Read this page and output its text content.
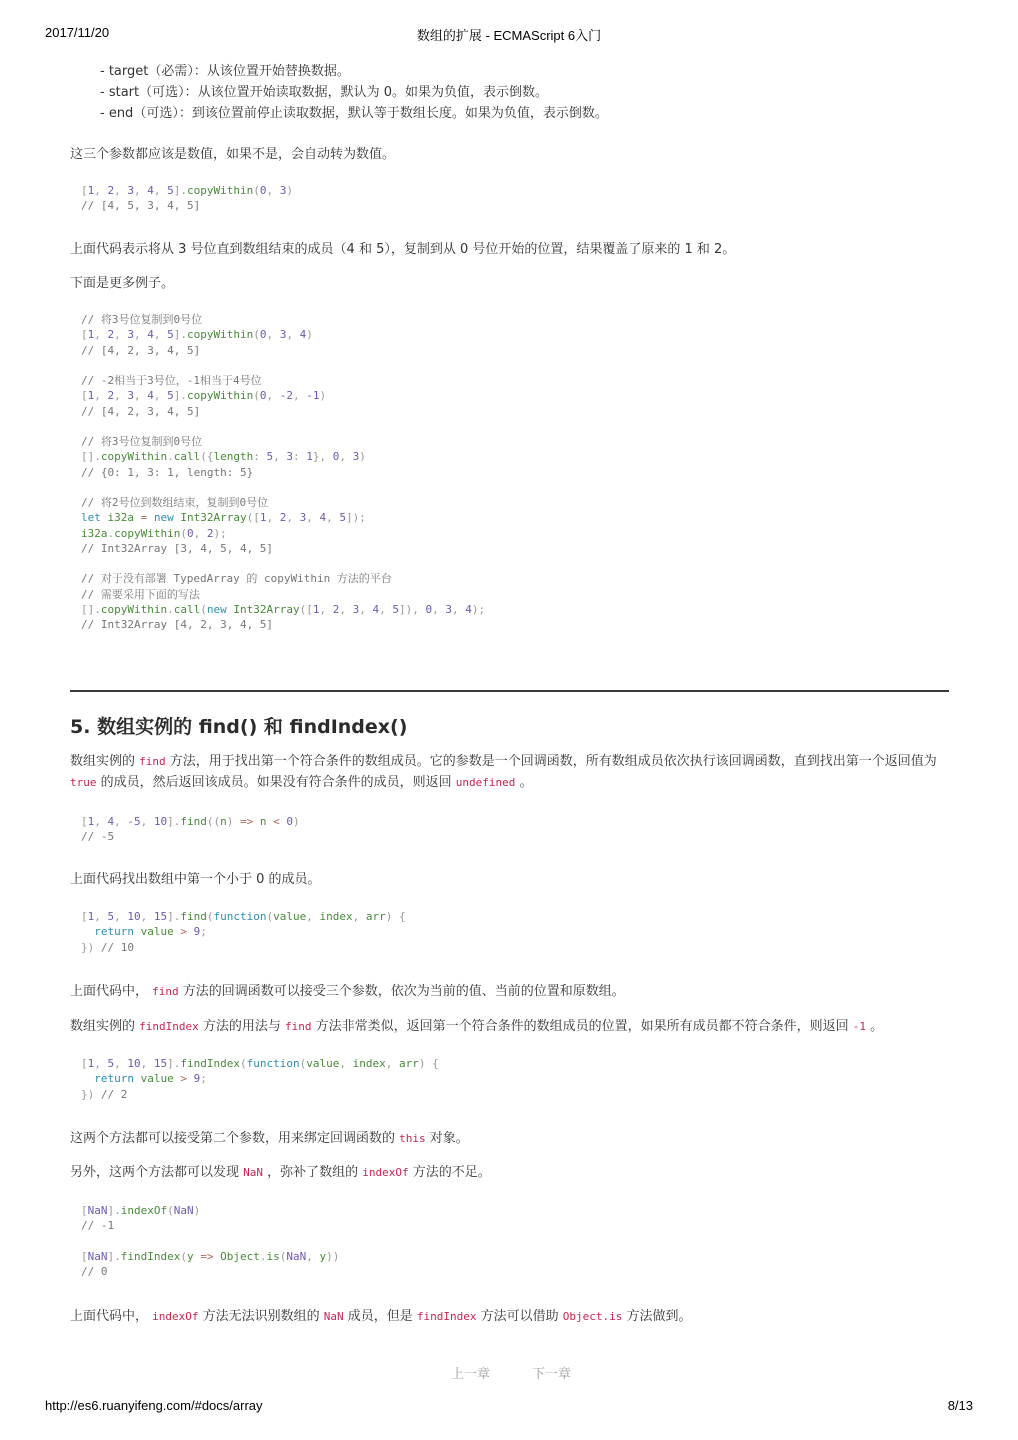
2017/11/20	数组的扩展 - ECMAScript 6入门
http://es6.ruanyifeng.com/#docs/array	8/13
- target（必需）：从该位置开始替换数据。
- start（可选）：从该位置开始读取数据，默认为 0。如果为负值，表示倒数。
- end（可选）：到该位置前停止读取数据，默认等于数组长度。如果为负值，表示倒数。
这三个参数都应该是数值，如果不是，会自动转为数值。
[1, 2, 3, 4, 5].copyWithin(0, 3)
// [4, 5, 3, 4, 5]
上面代码表示将从 3 号位直到数组结束的成员（4 和 5），复制到从 0 号位开始的位置，结果覆盖了原来的 1 和 2。
下面是更多例子。
// 将3号位复制到0号位
[1, 2, 3, 4, 5].copyWithin(0, 3, 4)
// [4, 2, 3, 4, 5]

// -2相当于3号位，-1相当于4号位
[1, 2, 3, 4, 5].copyWithin(0, -2, -1)
// [4, 2, 3, 4, 5]

// 将3号位复制到0号位
[].copyWithin.call({length: 5, 3: 1}, 0, 3)
// {0: 1, 3: 1, length: 5}

// 将2号位到数组结束，复制到0号位
let i32a = new Int32Array([1, 2, 3, 4, 5]);
i32a.copyWithin(0, 2);
// Int32Array [3, 4, 5, 4, 5]

// 对于没有部署 TypedArray 的 copyWithin 方法的平台
// 需要采用下面的写法
[].copyWithin.call(new Int32Array([1, 2, 3, 4, 5]), 0, 3, 4);
// Int32Array [4, 2, 3, 4, 5]
5. 数组实例的 find() 和 findIndex()
数组实例的 find 方法，用于找出第一个符合条件的数组成员。它的参数是一个回调函数，所有数组成员依次执行该回调函数，直到找出第一个返回值为
true 的成员，然后返回该成员。如果没有符合条件的成员，则返回 undefined 。
[1, 4, -5, 10].find((n) => n < 0)
// -5
上面代码找出数组中第一个小于 0 的成员。
[1, 5, 10, 15].find(function(value, index, arr) {
return value > 9;
}) // 10
上面代码中， find 方法的回调函数可以接受三个参数，依次为当前的值、当前的位置和原数组。
数组实例的 findIndex 方法的用法与 find 方法非常类似，返回第一个符合条件的数组成员的位置，如果所有成员都不符合条件，则返回 -1 。
[1, 5, 10, 15].findIndex(function(value, index, arr) {
return value > 9;
}) // 2
这两个方法都可以接受第二个参数，用来绑定回调函数的 this 对象。
另外，这两个方法都可以发现 NaN ，弥补了数组的 indexOf 方法的不足。
[NaN].indexOf(NaN)
// -1

[NaN].findIndex(y => Object.is(NaN, y))
// 0
上面代码中， indexOf 方法无法识别数组的 NaN 成员，但是 findIndex 方法可以借助 Object.is 方法做到。
上一章	下一章
